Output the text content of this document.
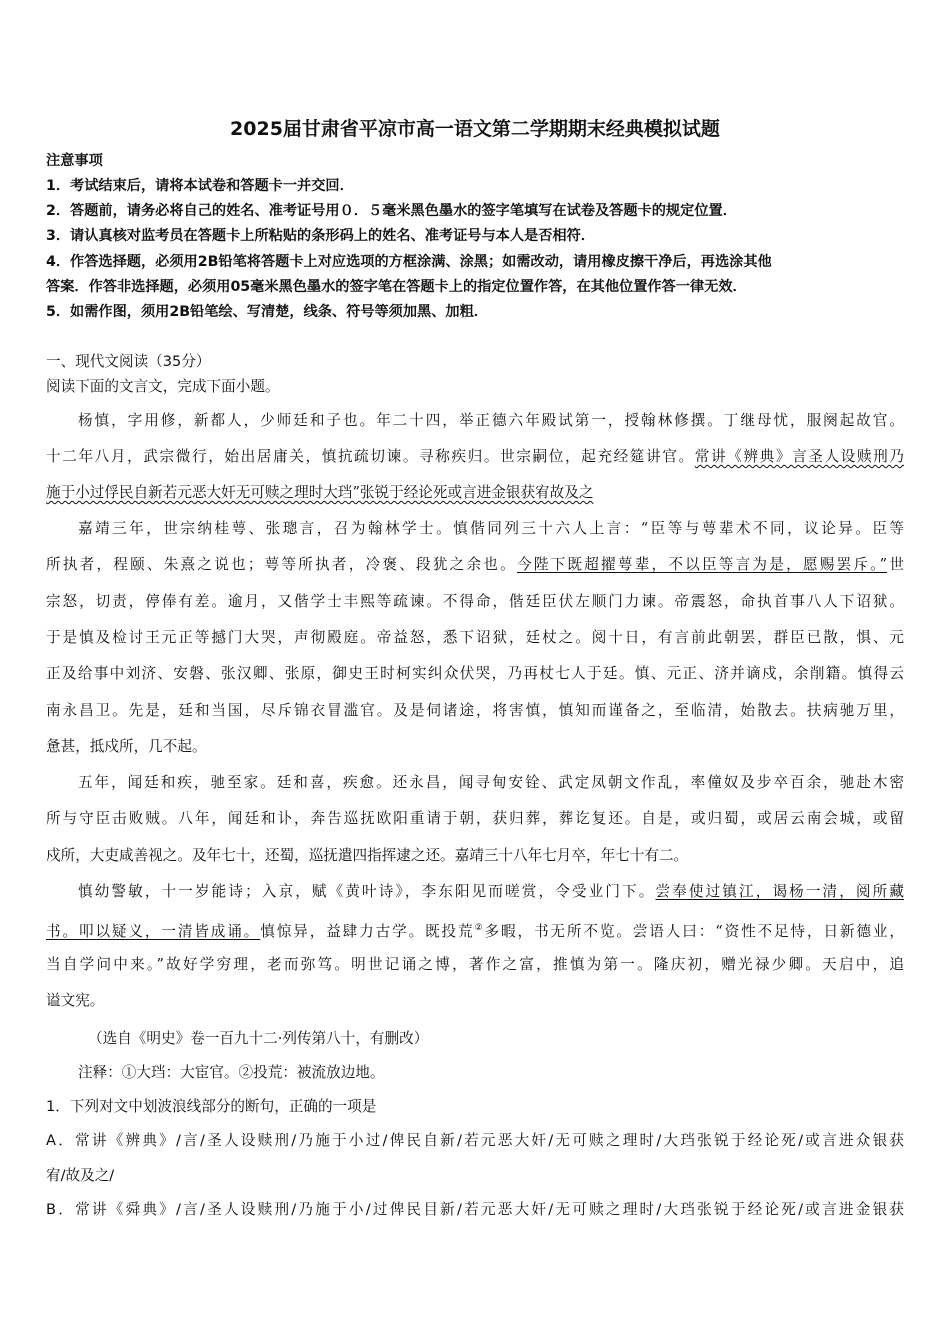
2025届甘肃省平凉市高一语文第二学期期末经典模拟试题
注意事项
1．考试结束后，请将本试卷和答题卡一并交回．
2．答题前，请务必将自己的姓名、准考证号用０．５毫米黑色墨水的签字笔填写在试卷及答题卡的规定位置．
3．请认真核对监考员在答题卡上所粘贴的条形码上的姓名、准考证号与本人是否相符．
4．作答选择题，必须用2B铅笔将答题卡上对应选项的方框涂满、涂黑；如需改动，请用橡皮擦干净后，再选涂其他
答案．作答非选择题，必须用05毫米黑色墨水的签字笔在答题卡上的指定位置作答，在其他位置作答一律无效．
5．如需作图，须用2B铅笔绘、写清楚，线条、符号等须加黑、加粗．
一、现代文阅读（35分）
阅读下面的文言文，完成下面小题。
杨慎，字用修，新都人，少师廷和子也。年二十四，举正德六年殿试第一，授翰林修撰。丁继母忧，服阕起故官。
十二年八月，武宗微行，始出居庸关，慎抗疏切谏。寻称疾归。世宗嗣位，起充经筵讲官。常讲《辨典》言圣人设赎刑乃
施于小过俘民自新若元恶大奸无可赎之理时大珰”张锐于经论死或言进金银获宥故及之
嘉靖三年，世宗纳桂萼、张璁言，召为翰林学士。慎偕同列三十六人上言：“臣等与萼辈术不同，议论异。臣等
所执者，程颐、朱熹之说也；萼等所执者，冷褒、段犹之余也。今陛下既超擢萼辈，不以臣等言为是，愿赐罢斥。”世
宗怒，切责，停俸有差。逾月，又偕学士丰熙等疏谏。不得命，偕廷臣伏左顺门力谏。帝震怒，命执首事八人下诏狱。
于是慎及检讨王元正等撼门大哭，声彻殿庭。帝益怒，悉下诏狱，廷杖之。阅十日，有言前此朝罢，群臣已散，惧、元
正及给事中刘济、安磐、张汉卿、张原，御史王时柯实纠众伏哭，乃再杖七人于廷。慎、元正、济并谪戍，余削籍。慎得云
南永昌卫。先是，廷和当国，尽斥锦衣冒滥官。及是伺诸途，将害慎，慎知而谨备之，至临清，始散去。扶病驰万里，
惫甚，抵戍所，几不起。
五年，闻廷和疾，驰至家。廷和喜，疾愈。还永昌，闻寻甸安铨、武定凤朝文作乱，率僮奴及步卒百余，驰赴木密
所与守臣击败贼。八年，闻廷和讣，奔告巡抚欧阳重请于朝，获归葬，葬讫复还。自是，或归蜀，或居云南会城，或留
戍所，大吏咸善视之。及年七十，还蜀，巡抚遣四指挥逮之还。嘉靖三十八年七月卒，年七十有二。
慎幼警敏，十一岁能诗；入京，赋《黄叶诗》，李东阳见而嗟赏，令受业门下。尝奉使过镇江，谒杨一清，阅所藏
书。叩以疑义，一清皆成诵。慎惊异，益肆力古学。既投荒②多暇，书无所不览。尝语人曰：“资性不足恃，日新德业，
当自学问中来。”故好学穷理，老而弥笃。明世记诵之博，著作之富，推慎为第一。隆庆初，赠光禄少卿。天启中，追
谥文宪。
（选自《明史》卷一百九十二·列传第八十，有删改）
注释：①大珰：大宦官。②投荒：被流放边地。
1．下列对文中划波浪线部分的断句，正确的一项是
A．常讲《辨典》/言/圣人设赎刑/乃施于小过/俾民自新/若元恶大奸/无可赎之理时/大珰张锐于经论死/或言进众银获
宥/故及之/
B．常讲《舜典》/言/圣人设赎刑/乃施于小/过俾民目新/若元恶大奸/无可赎之理时/大珰张锐于经论死/或言进金银获
